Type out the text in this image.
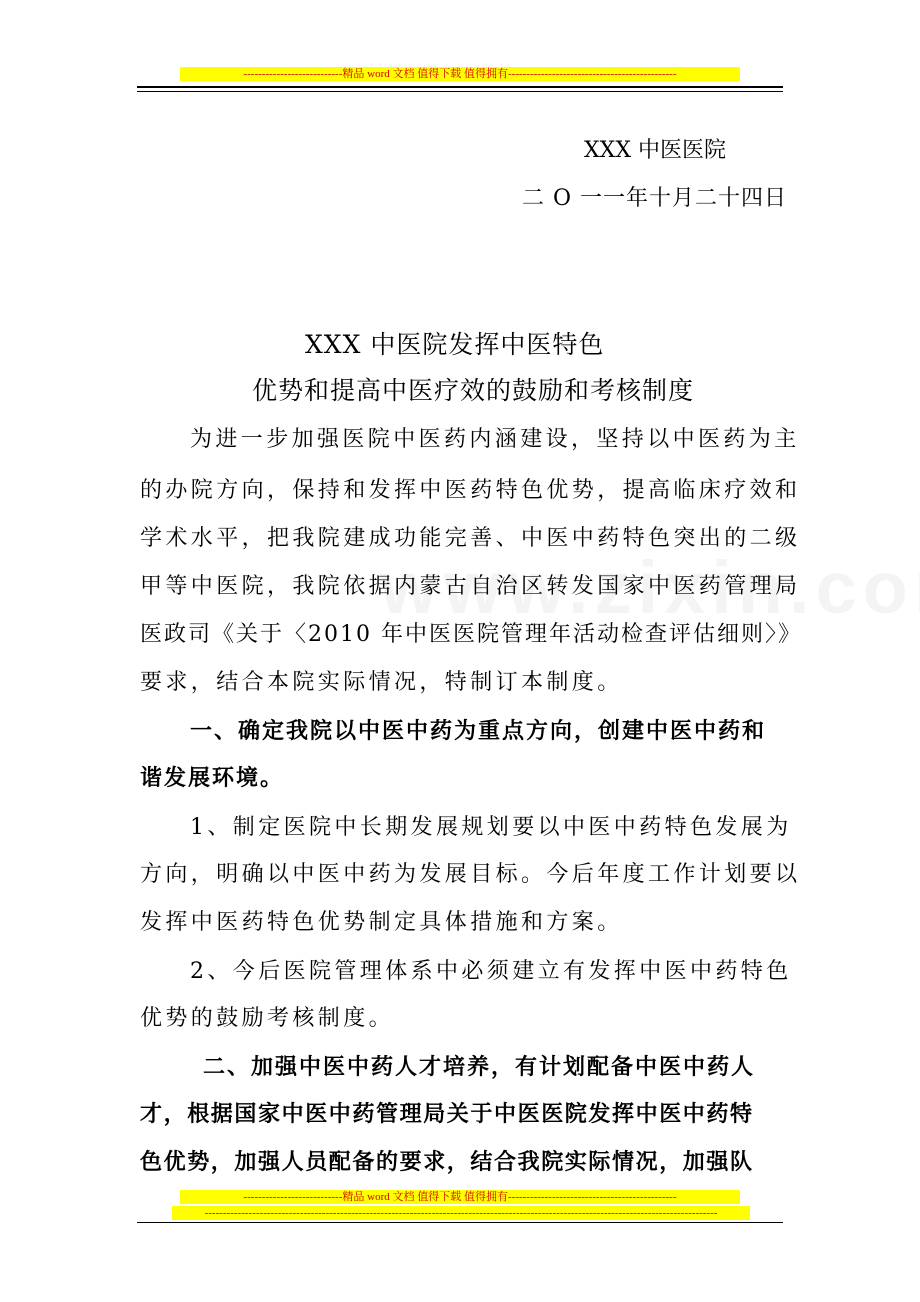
---------------------------精品 word 文档 值得下载 值得拥有----------------------------------------------
XXX 中医医院
二 O 一一年十月二十四日
XXX 中医院发挥中医特色
优势和提高中医疗效的鼓励和考核制度
为进一步加强医院中医药内涵建设，坚持以中医药为主
的办院方向，保持和发挥中医药特色优势，提高临床疗效和
学术水平，把我院建成功能完善、中医中药特色突出的二级
甲等中医院，我院依据内蒙古自治区转发国家中医药管理局
医政司《关于〈2010 年中医医院管理年活动检查评估细则〉》
要求，结合本院实际情况，特制订本制度。
一、确定我院以中医中药为重点方向，创建中医中药和
谐发展环境。
1、制定医院中长期发展规划要以中医中药特色发展为
方向，明确以中医中药为发展目标。今后年度工作计划要以
发挥中医药特色优势制定具体措施和方案。
2、今后医院管理体系中必须建立有发挥中医中药特色
优势的鼓励考核制度。
二、加强中医中药人才培养，有计划配备中医中药人
才，根据国家中医中药管理局关于中医医院发挥中医中药特
色优势，加强人员配备的要求，结合我院实际情况，加强队
---------------------------精品 word 文档 值得下载 值得拥有----------------------------------------------
--------------------------------------------------------------------------------------------------------------------------------------------
